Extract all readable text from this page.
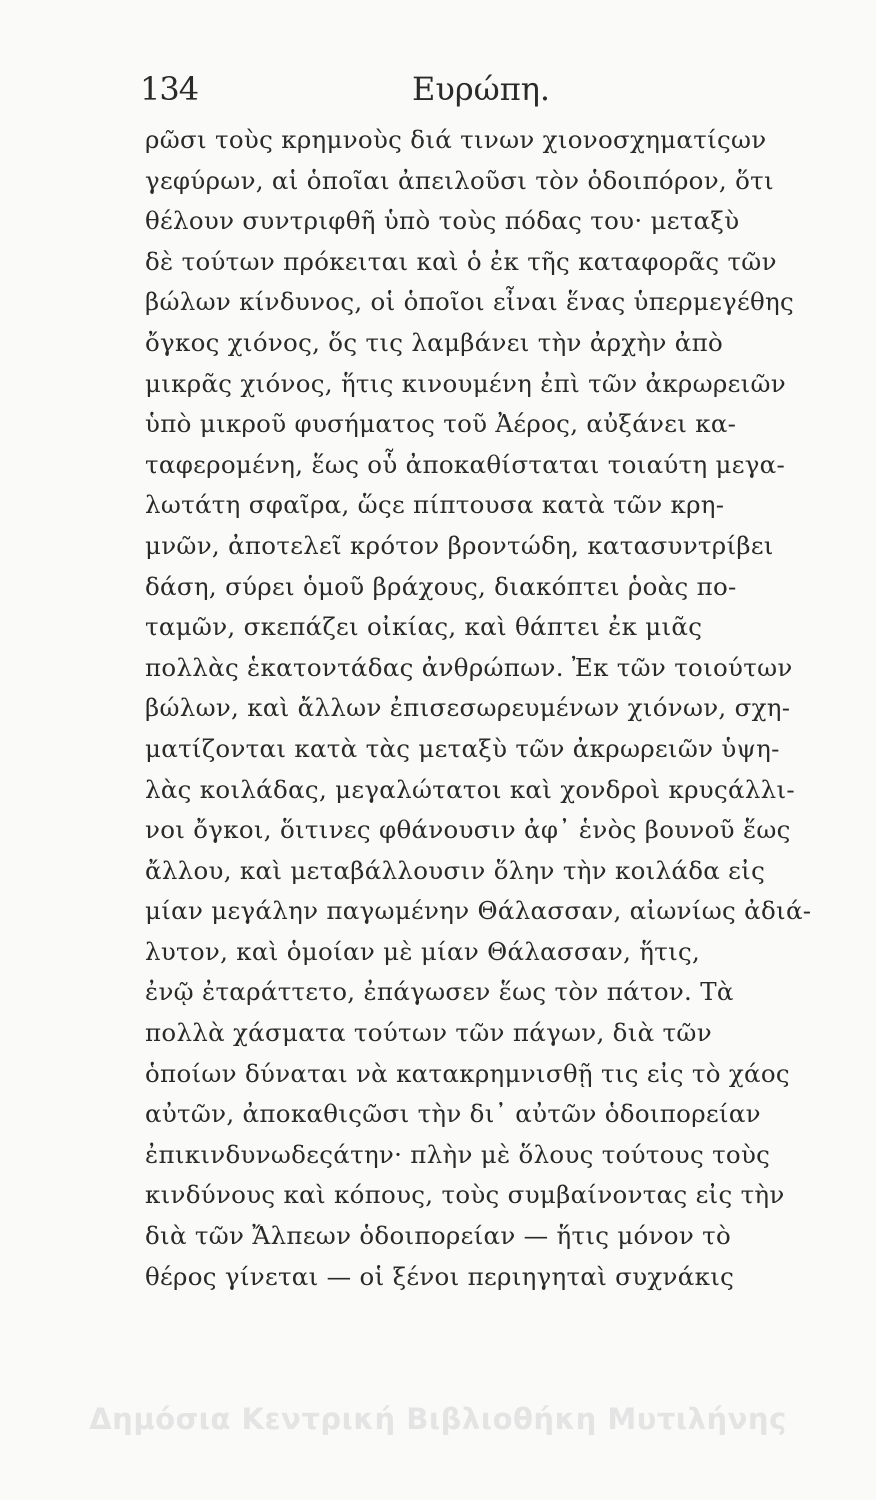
134	Ευρώπη.
ρῶσι τοὺς κρημνοὺς διά τινων χιονοσχηματίςων
γεφύρων, αἱ ὁποῖαι ἀπειλοῦσι τὸν ὁδοιπόρον, ὅτι
θέλουν συντριφθῆ ὑπὸ τοὺς πόδας του· μεταξὺ
δὲ τούτων πρόκειται καὶ ὁ ἐκ τῆς καταφορᾶς τῶν
βώλων κίνδυνος, οἱ ὁποῖοι εἶναι ἕνας ὑπερμεγέθης
ὄγκος χιόνος, ὅς τις λαμβάνει τὴν ἀρχὴν ἀπὸ
μικρᾶς χιόνος, ἥτις κινουμένη ἐπὶ τῶν ἀκρωρειῶν
ὑπὸ μικροῦ φυσήματος τοῦ Ἀέρος, αὐξάνει κα-
ταφερομένη, ἕως οὗ ἀποκαθίσταται τοιαύτη μεγα-
λωτάτη σφαῖρα, ὥςε πίπτουσα κατὰ τῶν κρη-
μνῶν, ἀποτελεῖ κρότον βροντώδη, κατασυντρίβει
δάση, σύρει ὁμοῦ βράχους, διακόπτει ῥοὰς πο-
ταμῶν, σκεπάζει οἰκίας, καὶ θάπτει ἐκ μιᾶς
πολλὰς ἑκατοντάδας ἀνθρώπων. Ἐκ τῶν τοιούτων
βώλων, καὶ ἄλλων ἐπισεσωρευμένων χιόνων, σχη-
ματίζονται κατὰ τὰς μεταξὺ τῶν ἀκρωρειῶν ὑψη-
λὰς κοιλάδας, μεγαλώτατοι καὶ χονδροὶ κρυςάλλι-
νοι ὄγκοι, ὅιτινες φθάνουσιν ἀφ᾽ ἑνὸς βουνοῦ ἕως
ἄλλου, καὶ μεταβάλλουσιν ὅλην τὴν κοιλάδα εἰς
μίαν μεγάλην παγωμένην Θάλασσαν, αἰωνίως ἀδιά-
λυτον, καὶ ὁμοίαν μὲ μίαν Θάλασσαν, ἥτις,
ἐνῷ ἐταράττετο, ἐπάγωσεν ἕως τὸν πάτον. Τὰ
πολλὰ χάσματα τούτων τῶν πάγων, διὰ τῶν
ὁποίων δύναται νὰ κατακρημνισθῇ τις εἰς τὸ χάος
αὐτῶν, ἀποκαθιςῶσι τὴν δι᾽ αὐτῶν ὁδοιπορείαν
ἐπικινδυνωδεςάτην· πλὴν μὲ ὅλους τούτους τοὺς
κινδύνους καὶ κόπους, τοὺς συμβαίνοντας εἰς τὴν
διὰ τῶν Ἄλπεων ὁδοιπορείαν — ἥτις μόνον τὸ
θέρος γίνεται — οἱ ξένοι περιηγηταὶ συχνάκις
Δημόσια Κεντρική Βιβλιοθήκη Μυτιλήνης
